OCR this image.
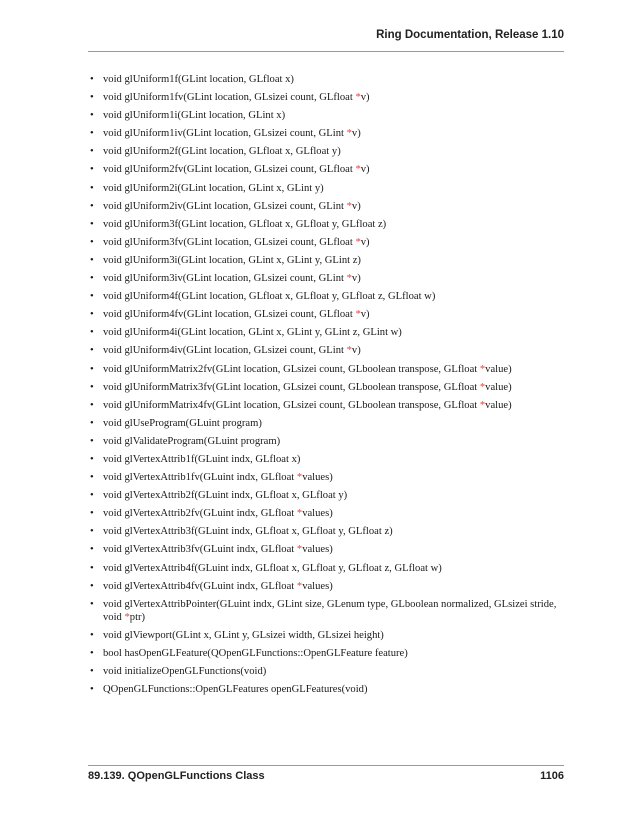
Ring Documentation, Release 1.10
• void glUniform1f(GLint location, GLfloat x)
• void glUniform1fv(GLint location, GLsizei count, GLfloat *v)
• void glUniform1i(GLint location, GLint x)
• void glUniform1iv(GLint location, GLsizei count, GLint *v)
• void glUniform2f(GLint location, GLfloat x, GLfloat y)
• void glUniform2fv(GLint location, GLsizei count, GLfloat *v)
• void glUniform2i(GLint location, GLint x, GLint y)
• void glUniform2iv(GLint location, GLsizei count, GLint *v)
• void glUniform3f(GLint location, GLfloat x, GLfloat y, GLfloat z)
• void glUniform3fv(GLint location, GLsizei count, GLfloat *v)
• void glUniform3i(GLint location, GLint x, GLint y, GLint z)
• void glUniform3iv(GLint location, GLsizei count, GLint *v)
• void glUniform4f(GLint location, GLfloat x, GLfloat y, GLfloat z, GLfloat w)
• void glUniform4fv(GLint location, GLsizei count, GLfloat *v)
• void glUniform4i(GLint location, GLint x, GLint y, GLint z, GLint w)
• void glUniform4iv(GLint location, GLsizei count, GLint *v)
• void glUniformMatrix2fv(GLint location, GLsizei count, GLboolean transpose, GLfloat *value)
• void glUniformMatrix3fv(GLint location, GLsizei count, GLboolean transpose, GLfloat *value)
• void glUniformMatrix4fv(GLint location, GLsizei count, GLboolean transpose, GLfloat *value)
• void glUseProgram(GLuint program)
• void glValidateProgram(GLuint program)
• void glVertexAttrib1f(GLuint indx, GLfloat x)
• void glVertexAttrib1fv(GLuint indx, GLfloat *values)
• void glVertexAttrib2f(GLuint indx, GLfloat x, GLfloat y)
• void glVertexAttrib2fv(GLuint indx, GLfloat *values)
• void glVertexAttrib3f(GLuint indx, GLfloat x, GLfloat y, GLfloat z)
• void glVertexAttrib3fv(GLuint indx, GLfloat *values)
• void glVertexAttrib4f(GLuint indx, GLfloat x, GLfloat y, GLfloat z, GLfloat w)
• void glVertexAttrib4fv(GLuint indx, GLfloat *values)
• void glVertexAttribPointer(GLuint indx, GLint size, GLenum type, GLboolean normalized, GLsizei stride, void *ptr)
• void glViewport(GLint x, GLint y, GLsizei width, GLsizei height)
• bool hasOpenGLFeature(QOpenGLFunctions::OpenGLFeature feature)
• void initializeOpenGLFunctions(void)
• QOpenGLFunctions::OpenGLFeatures openGLFeatures(void)
89.139. QOpenGLFunctions Class	1106
